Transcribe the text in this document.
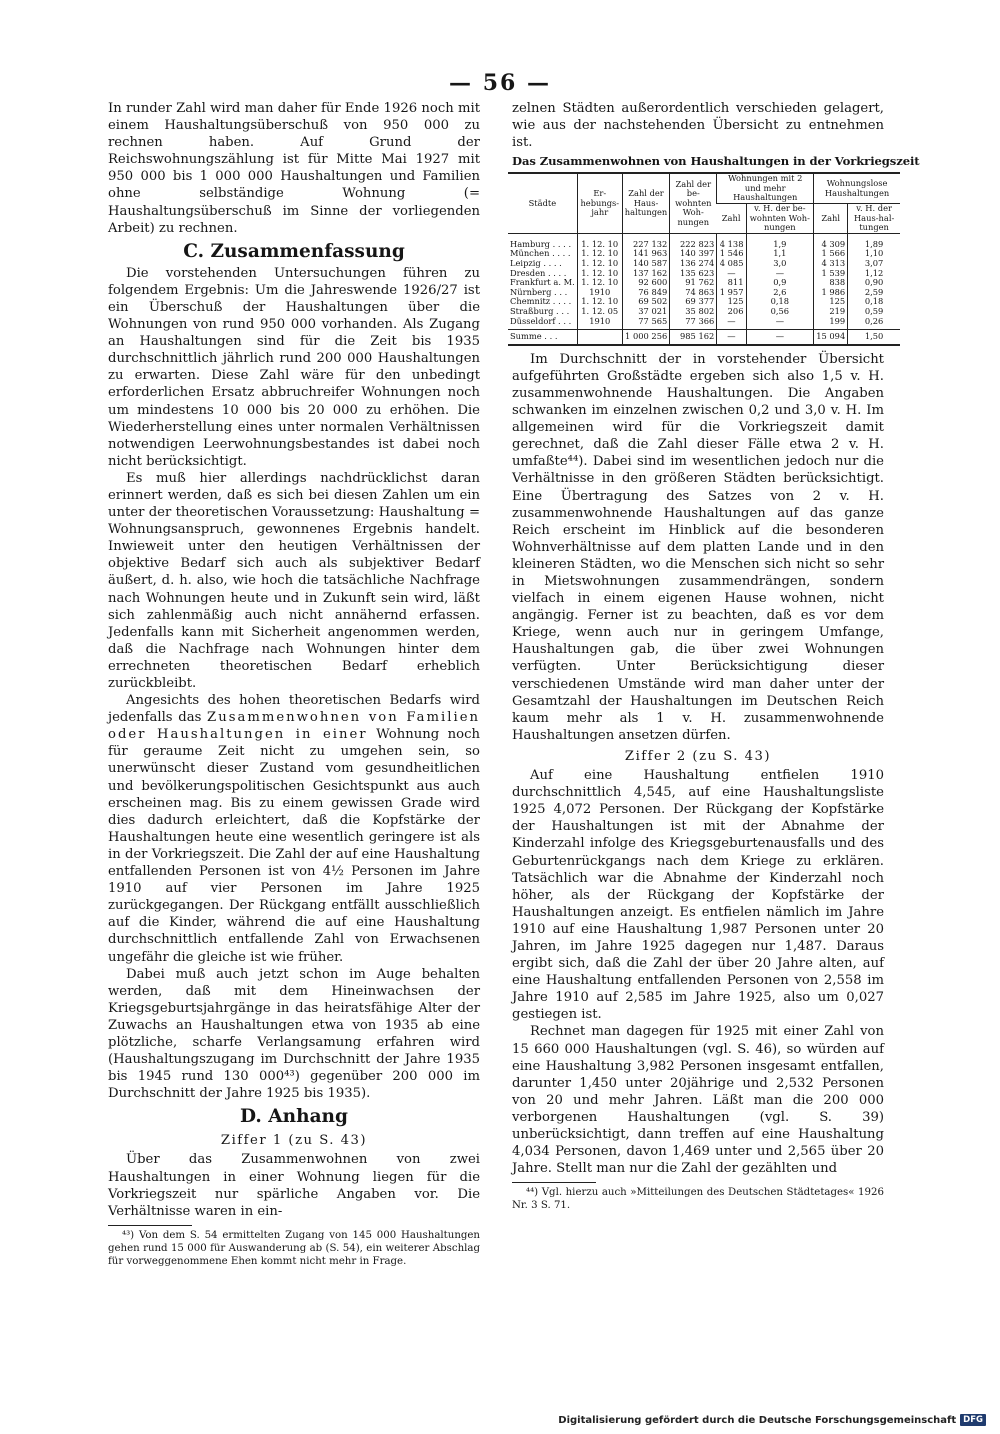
— 56 —

In runder Zahl wird man daher für Ende 1926 noch mit einem Haushaltungsüberschuß von 950 000 zu rechnen haben. Auf Grund der Reichswohnungszählung ist für Mitte Mai 1927 mit 950 000 bis 1 000 000 Haushaltungen und Familien ohne selbständige Wohnung (= Haushaltungsüberschuß im Sinne der vorliegenden Arbeit) zu rechnen.

C. Zusammenfassung

Die vorstehenden Untersuchungen führen zu folgendem Ergebnis: Um die Jahreswende 1926/27 ist ein Überschuß der Haushaltungen über die Wohnungen von rund 950 000 vorhanden. Als Zugang an Haushaltungen sind für die Zeit bis 1935 durchschnittlich jährlich rund 200 000 Haushaltungen zu erwarten. Diese Zahl wäre für den unbedingt erforderlichen Ersatz abbruchreifer Wohnungen noch um mindestens 10 000 bis 20 000 zu erhöhen. Die Wiederherstellung eines unter normalen Verhältnissen notwendigen Leerwohnungsbestandes ist dabei noch nicht berücksichtigt.

Es muß hier allerdings nachdrücklichst daran erinnert werden, daß es sich bei diesen Zahlen um ein unter der theoretischen Voraussetzung: Haushaltung = Wohnungsanspruch, gewonnenes Ergebnis handelt. Inwieweit unter den heutigen Verhältnissen der objektive Bedarf sich auch als subjektiver Bedarf äußert, d. h. also, wie hoch die tatsächliche Nachfrage nach Wohnungen heute und in Zukunft sein wird, läßt sich zahlenmäßig auch nicht annähernd erfassen. Jedenfalls kann mit Sicherheit angenommen werden, daß die Nachfrage nach Wohnungen hinter dem errechneten theoretischen Bedarf erheblich zurückbleibt.

Angesichts des hohen theoretischen Bedarfs wird jedenfalls das Zusammenwohnen von Familien oder Haushaltungen in einer Wohnung noch für geraume Zeit nicht zu umgehen sein, so unerwünscht dieser Zustand vom gesundheitlichen und bevölkerungspolitischen Gesichtspunkt aus auch erscheinen mag. Bis zu einem gewissen Grade wird dies dadurch erleichtert, daß die Kopfstärke der Haushaltungen heute eine wesentlich geringere ist als in der Vorkriegszeit. Die Zahl der auf eine Haushaltung entfallenden Personen ist von 4½ Personen im Jahre 1910 auf vier Personen im Jahre 1925 zurückgegangen. Der Rückgang entfällt ausschließlich auf die Kinder, während die auf eine Haushaltung durchschnittlich entfallende Zahl von Erwachsenen ungefähr die gleiche ist wie früher.

Dabei muß auch jetzt schon im Auge behalten werden, daß mit dem Hineinwachsen der Kriegsgeburtsjahrgänge in das heiratsfähige Alter der Zuwachs an Haushaltungen etwa von 1935 ab eine plötzliche, scharfe Verlangsamung erfahren wird (Haushaltungszugang im Durchschnitt der Jahre 1935 bis 1945 rund 130 000⁴³) gegenüber 200 000 im Durchschnitt der Jahre 1925 bis 1935).

D. Anhang
Ziffer 1 (zu S. 43)

Über das Zusammenwohnen von zwei Haushaltungen in einer Wohnung liegen für die Vorkriegszeit nur spärliche Angaben vor. Die Verhältnisse waren in ein-

⁴³) Von dem S. 54 ermittelten Zugang von 145 000 Haushaltungen gehen rund 15 000 für Auswanderung ab (S. 54), ein weiterer Abschlag für vorweggenommene Ehen kommt nicht mehr in Frage.

zelnen Städten außerordentlich verschieden gelagert, wie aus der nachstehenden Übersicht zu entnehmen ist.

Das Zusammenwohnen von Haushaltungen in der Vorkriegszeit
Städte	Er-hebungs-jahr	Zahl der Haus-haltungen	Zahl der be-wohnten Woh-nungen	Wohnungen mit 2 und mehr Haushaltungen		Wohnungslose Haushaltungen	
				Zahl	v. H. der be-wohnten Woh-nungen	Zahl	v. H. der Haus-hal-tungen
Hamburg . . . .	1. 12. 10	227 132	222 823	4 138	1,9	4 309	1,89
München . . . .	1. 12. 10	141 963	140 397	1 546	1,1	1 566	1,10
Leipzig . . . .	1. 12. 10	140 587	136 274	4 085	3,0	4 313	3,07
Dresden . . . .	1. 12. 10	137 162	135 623	—	—	1 539	1,12
Frankfurt a. M.	1. 12. 10	92 600	91 762	811	0,9	838	0,90
Nürnberg . . .	1910	76 849	74 863	1 957	2,6	1 986	2,59
Chemnitz . . . .	1. 12. 10	69 502	69 377	125	0,18	125	0,18
Straßburg . . .	1. 12. 05	37 021	35 802	206	0,56	219	0,59
Düsseldorf . . .	1910	77 565	77 366	—	—	199	0,26
Summe . . .		1 000 256	985 162	—	—	15 094	1,50

Im Durchschnitt der in vorstehender Übersicht aufgeführten Großstädte ergeben sich also 1,5 v. H. zusammenwohnende Haushaltungen. Die Angaben schwanken im einzelnen zwischen 0,2 und 3,0 v. H. Im allgemeinen wird für die Vorkriegszeit damit gerechnet, daß die Zahl dieser Fälle etwa 2 v. H. umfaßte⁴⁴). Dabei sind im wesentlichen jedoch nur die Verhältnisse in den größeren Städten berücksichtigt. Eine Übertragung des Satzes von 2 v. H. zusammenwohnende Haushaltungen auf das ganze Reich erscheint im Hinblick auf die besonderen Wohnverhältnisse auf dem platten Lande und in den kleineren Städten, wo die Menschen sich nicht so sehr in Mietswohnungen zusammendrängen, sondern vielfach in einem eigenen Hause wohnen, nicht angängig. Ferner ist zu beachten, daß es vor dem Kriege, wenn auch nur in geringem Umfange, Haushaltungen gab, die über zwei Wohnungen verfügten. Unter Berücksichtigung dieser verschiedenen Umstände wird man daher unter der Gesamtzahl der Haushaltungen im Deutschen Reich kaum mehr als 1 v. H. zusammenwohnende Haushaltungen ansetzen dürfen.

Ziffer 2 (zu S. 43)

Auf eine Haushaltung entfielen 1910 durchschnittlich 4,545, auf eine Haushaltungsliste 1925 4,072 Personen. Der Rückgang der Kopfstärke der Haushaltungen ist mit der Abnahme der Kinderzahl infolge des Kriegsgeburtenausfalls und des Geburtenrückgangs nach dem Kriege zu erklären. Tatsächlich war die Abnahme der Kinderzahl noch höher, als der Rückgang der Kopfstärke der Haushaltungen anzeigt. Es entfielen nämlich im Jahre 1910 auf eine Haushaltung 1,987 Personen unter 20 Jahren, im Jahre 1925 dagegen nur 1,487. Daraus ergibt sich, daß die Zahl der über 20 Jahre alten, auf eine Haushaltung entfallenden Personen von 2,558 im Jahre 1910 auf 2,585 im Jahre 1925, also um 0,027 gestiegen ist.

Rechnet man dagegen für 1925 mit einer Zahl von 15 660 000 Haushaltungen (vgl. S. 46), so würden auf eine Haushaltung 3,982 Personen insgesamt entfallen, darunter 1,450 unter 20jährige und 2,532 Personen von 20 und mehr Jahren. Läßt man die 200 000 verborgenen Haushaltungen (vgl. S. 39) unberücksichtigt, dann treffen auf eine Haushaltung 4,034 Personen, davon 1,469 unter und 2,565 über 20 Jahre. Stellt man nur die Zahl der gezählten und

⁴⁴) Vgl. hierzu auch »Mitteilungen des Deutschen Städtetages« 1926 Nr. 3 S. 71.

Digitalisierung gefördert durch die Deutsche Forschungsgemeinschaft DFG
